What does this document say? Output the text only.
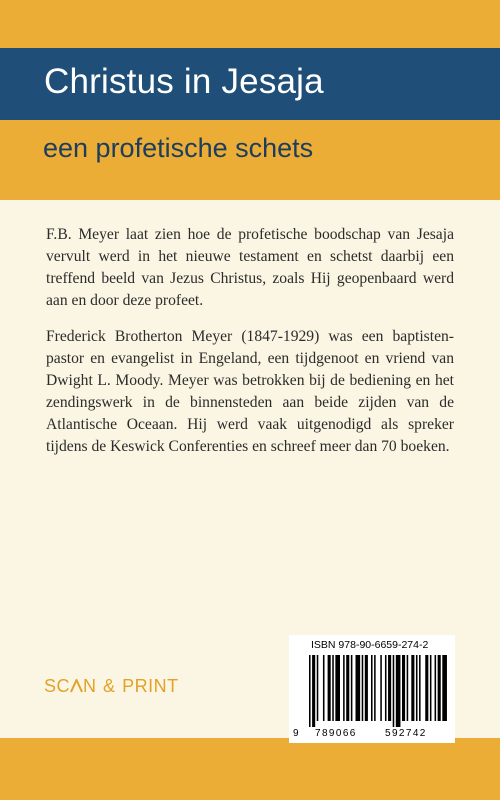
Christus in Jesaja
een profetische schets

F.B. Meyer laat zien hoe de profetische boodschap van Jesaja vervult werd in het nieuwe testament en schetst daarbij een treffend beeld van Jezus Christus, zoals Hij geopenbaard werd aan en door deze profeet.

Frederick Brotherton Meyer (1847-1929) was een baptisten-pastor en evangelist in Engeland, een tijdgenoot en vriend van Dwight L. Moody. Meyer was betrokken bij de bediening en het zendingswerk in de binnensteden aan beide zijden van de Atlantische Oceaan. Hij werd vaak uitgenodigd als spreker tijdens de Keswick Conferenties en schreef meer dan 70 boeken.

SC N & PRINT
ISBN 978-90-6659-274-2
9 789066	592742
